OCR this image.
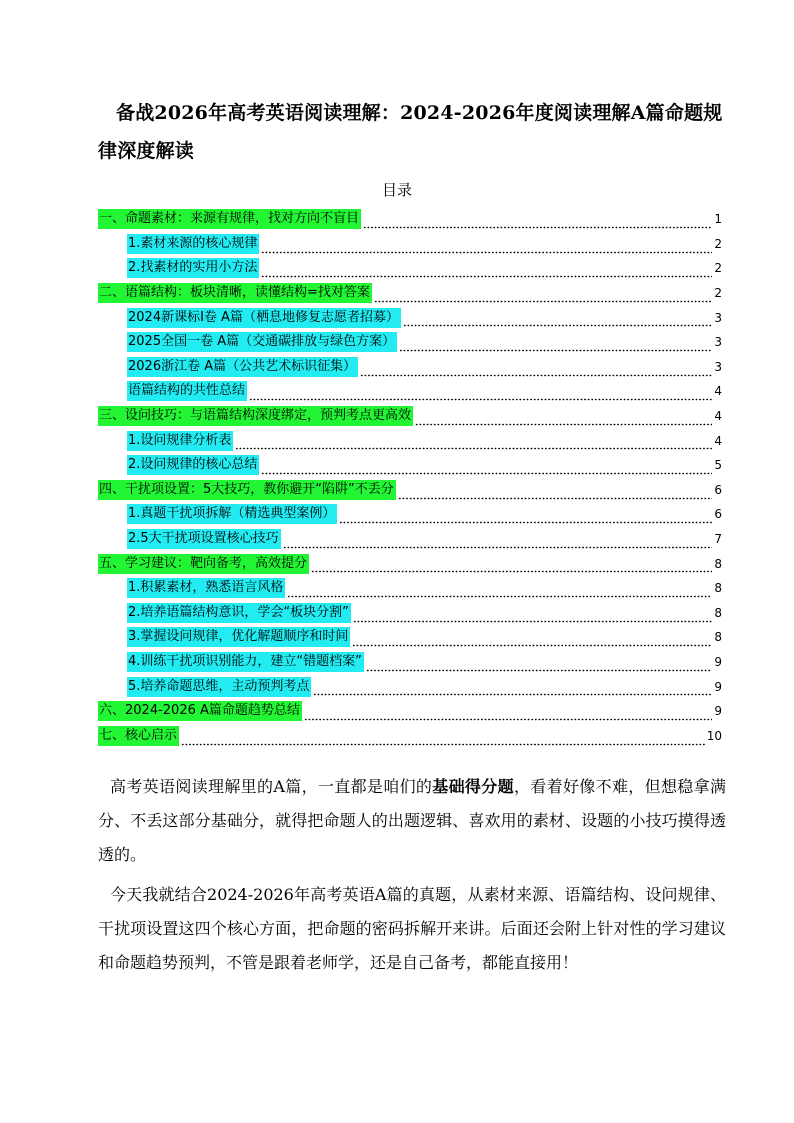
备战2026年高考英语阅读理解：2024-2026年度阅读理解A篇命题规律深度解读
目录
一、命题素材：来源有规律，找对方向不盲目	1
1.素材来源的核心规律	2
2.找素材的实用小方法	2
二、语篇结构：板块清晰，读懂结构=找对答案	2
2024新课标Ⅰ卷 A篇（栖息地修复志愿者招募）	3
2025全国一卷 A篇（交通碳排放与绿色方案）	3
2026浙江卷 A篇（公共艺术标识征集）	3
语篇结构的共性总结	4
三、设问技巧：与语篇结构深度绑定，预判考点更高效	4
1.设问规律分析表	4
2.设问规律的核心总结	5
四、干扰项设置：5大技巧，教你避开“陷阱”不丢分	6
1.真题干扰项拆解（精选典型案例）	6
2.5大干扰项设置核心技巧	7
五、学习建议：靶向备考，高效提分	8
1.积累素材，熟悉语言风格	8
2.培养语篇结构意识，学会“板块分割”	8
3.掌握设问规律，优化解题顺序和时间	8
4.训练干扰项识别能力，建立“错题档案”	9
5.培养命题思维，主动预判考点	9
六、2024-2026 A篇命题趋势总结	9
七、核心启示	10

高考英语阅读理解里的A篇，一直都是咱们的基础得分题，看着好像不难，但想稳拿满分、不丢这部分基础分，就得把命题人的出题逻辑、喜欢用的素材、设题的小技巧摸得透透的。

今天我就结合2024-2026年高考英语A篇的真题，从素材来源、语篇结构、设问规律、干扰项设置这四个核心方面，把命题的密码拆解开来讲。后面还会附上针对性的学习建议和命题趋势预判，不管是跟着老师学，还是自己备考，都能直接用！
